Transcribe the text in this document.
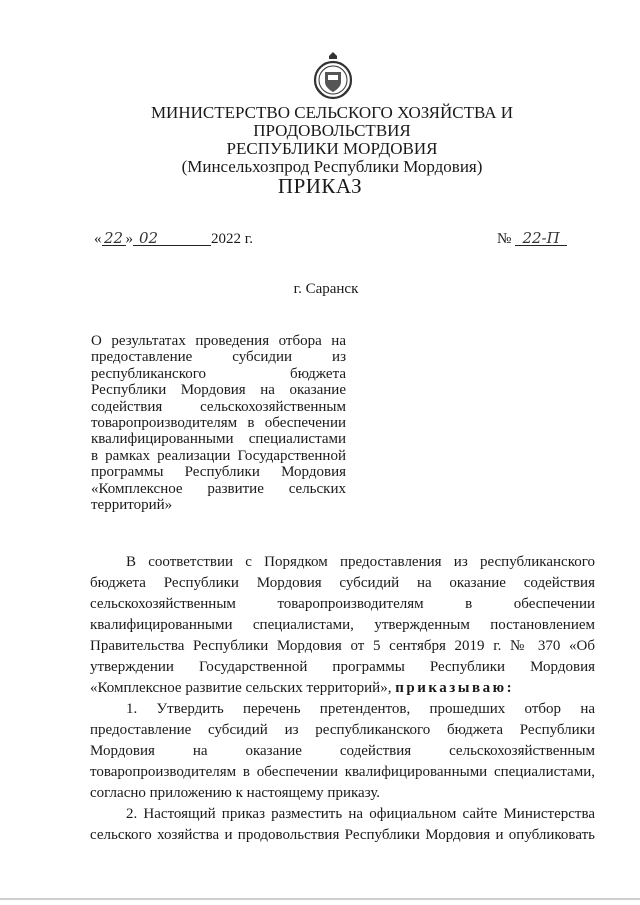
МИНИСТЕРСТВО СЕЛЬСКОГО ХОЗЯЙСТВА И ПРОДОВОЛЬСТВИЯ
РЕСПУБЛИКИ МОРДОВИЯ
(Минсельхозпрод Республики Мордовия)
ПРИКАЗ
« 22 » 02	2022 г.	№ 22-П
г. Саранск
О результатах проведения отбора на
предоставление субсидии из
республиканского бюджета
Республики Мордовия на оказание
содействия сельскохозяйственным
товаропроизводителям в обеспечении
квалифицированными специалистами
в рамках реализации Государственной
программы Республики Мордовия
«Комплексное развитие сельских
территорий»
В соответствии с Порядком предоставления из республиканского
бюджета Республики Мордовия субсидий на оказание содействия
сельскохозяйственным товаропроизводителям в обеспечении
квалифицированными специалистами, утвержденным постановлением
Правительства Республики Мордовия от 5 сентября 2019 г. № 370 «Об
утверждении Государственной программы Республики Мордовия
«Комплексное развитие сельских территорий», приказываю:
1. Утвердить перечень претендентов, прошедших отбор на
предоставление субсидий из республиканского бюджета Республики
Мордовия на оказание содействия сельскохозяйственным
товаропроизводителям в обеспечении квалифицированными специалистами,
согласно приложению к настоящему приказу.
2. Настоящий приказ разместить на официальном сайте Министерства
сельского хозяйства и продовольствия Республики Мордовия и опубликовать
